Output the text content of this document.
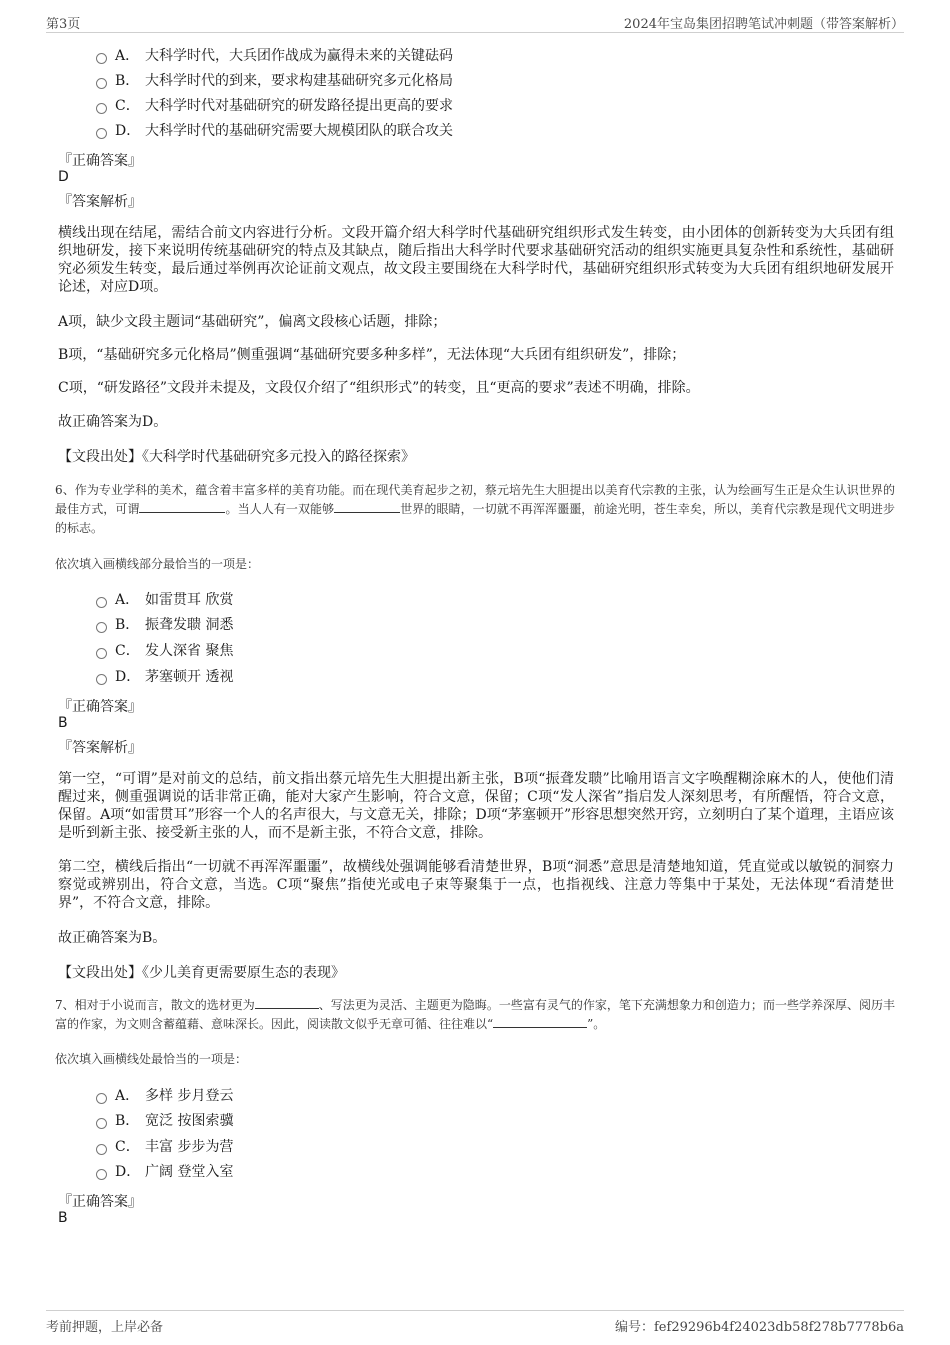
第3页	2024年宝岛集团招聘笔试冲刺题（带答案解析）
A． 大科学时代，大兵团作战成为赢得未来的关键砝码
B． 大科学时代的到来，要求构建基础研究多元化格局
C． 大科学时代对基础研究的研发路径提出更高的要求
D． 大科学时代的基础研究需要大规模团队的联合攻关
『正确答案』
D
『答案解析』
横线出现在结尾，需结合前文内容进行分析。文段开篇介绍大科学时代基础研究组织形式发生转变，由小团体的创新转变为大兵团有组织地研发，接下来说明传统基础研究的特点及其缺点，随后指出大科学时代要求基础研究活动的组织实施更具复杂性和系统性，基础研究必须发生转变，最后通过举例再次论证前文观点，故文段主要围绕在大科学时代，基础研究组织形式转变为大兵团有组织地研发展开论述，对应D项。
A项，缺少文段主题词“基础研究”，偏离文段核心话题，排除；
B项，“基础研究多元化格局”侧重强调“基础研究要多种多样”，无法体现“大兵团有组织研发”，排除；
C项，“研发路径”文段并未提及，文段仅介绍了“组织形式”的转变，且“更高的要求”表述不明确，排除。
故正确答案为D。
【文段出处】《大科学时代基础研究多元投入的路径探索》
6、作为专业学科的美术，蕴含着丰富多样的美育功能。而在现代美育起步之初，蔡元培先生大胆提出以美育代宗教的主张，认为绘画写生正是众生认识世界的最佳方式，可谓	。当人人有一双能够	世界的眼睛，一切就不再浑浑噩噩，前途光明，苍生幸矣，所以，美育代宗教是现代文明进步的标志。
依次填入画横线部分最恰当的一项是：
A． 如雷贯耳 欣赏
B． 振聋发聩 洞悉
C． 发人深省 聚焦
D． 茅塞顿开 透视
『正确答案』
B
『答案解析』
第一空，“可谓”是对前文的总结，前文指出蔡元培先生大胆提出新主张，B项“振聋发聩”比喻用语言文字唤醒糊涂麻木的人，使他们清醒过来，侧重强调说的话非常正确，能对大家产生影响，符合文意，保留；C项“发人深省”指启发人深刻思考，有所醒悟，符合文意，保留。A项“如雷贯耳”形容一个人的名声很大，与文意无关，排除；D项“茅塞顿开”形容思想突然开窍，立刻明白了某个道理，主语应该是听到新主张、接受新主张的人，而不是新主张，不符合文意，排除。
第二空，横线后指出“一切就不再浑浑噩噩”，故横线处强调能够看清楚世界，B项“洞悉”意思是清楚地知道，凭直觉或以敏锐的洞察力察觉或辨别出，符合文意，当选。C项“聚焦”指使光或电子束等聚集于一点，也指视线、注意力等集中于某处，无法体现“看清楚世界”，不符合文意，排除。
故正确答案为B。
【文段出处】《少儿美育更需要原生态的表现》
7、相对于小说而言，散文的选材更为	、写法更为灵活、主题更为隐晦。一些富有灵气的作家，笔下充满想象力和创造力；而一些学养深厚、阅历丰富的作家，为文则含蓄蕴藉、意味深长。因此，阅读散文似乎无章可循、往往难以“	”。
依次填入画横线处最恰当的一项是：
A． 多样 步月登云
B． 宽泛 按图索骥
C． 丰富 步步为营
D． 广阔 登堂入室
『正确答案』
B
考前押题，上岸必备	编号：fef29296b4f24023db58f278b7778b6a
